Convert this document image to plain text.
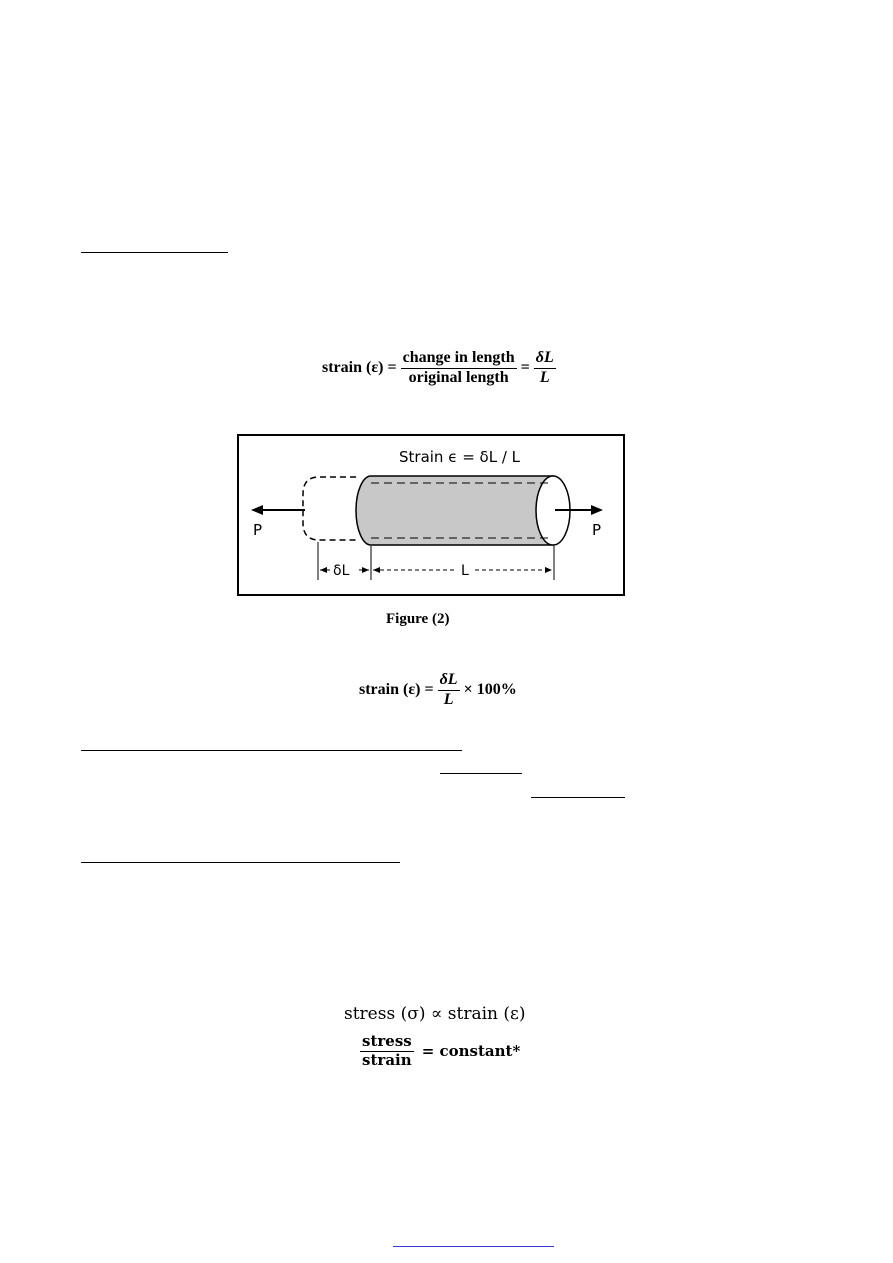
strain $(\varepsilon) = \frac{\text{change in length}}{\text{original length}} = \frac{\delta L}{L}$
Strain ϵ = δL / L
P	P
δL	L
Figure (2)
strain $(\varepsilon) = \frac{\delta L}{L} \times 100\%$
stress (σ) ∝ strain (ε)
$\frac{\text{stress}}{\text{strain}}$ = constant*
